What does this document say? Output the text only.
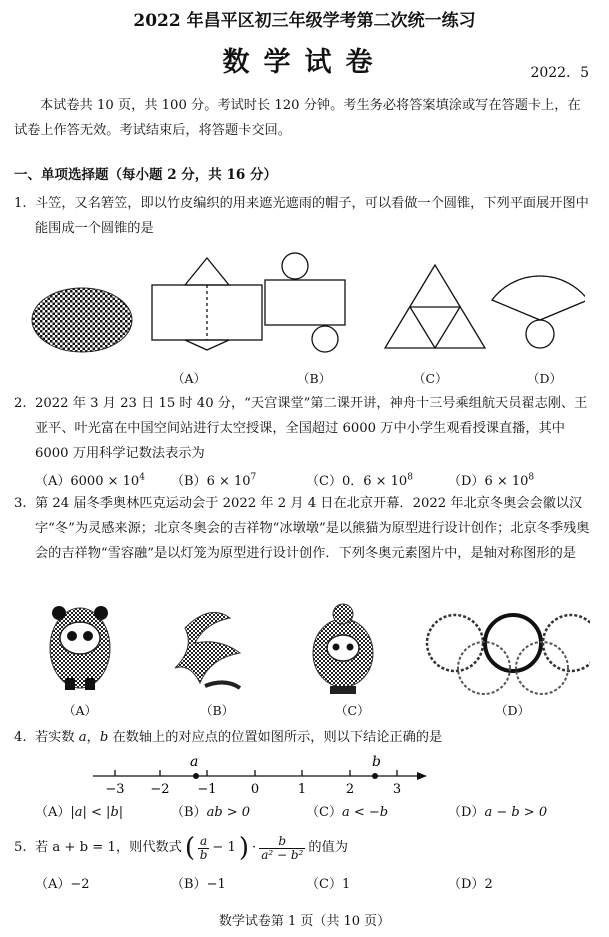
2022 年昌平区初三年级学考第二次统一练习
数学试卷	2022．5
本试卷共 10 页，共 100 分。考试时长 120 分钟。考生务必将答案填涂或写在答题卡上，在试卷上作答无效。考试结束后，将答题卡交回。
一、单项选择题（每小题 2 分，共 16 分）
1. 斗笠，又名箬笠，即以竹皮编织的用来遮光遮雨的帽子，可以看做一个圆锥，下列平面展开图中能围成一个圆锥的是
（A）	（B）	（C）	（D）
2. 2022 年 3 月 23 日 15 时 40 分，“天宫课堂”第二课开讲，神舟十三号乘组航天员翟志刚、王亚平、叶光富在中国空间站进行太空授课，全国超过 6000 万中小学生观看授课直播，其中 6000 万用科学记数法表示为
$(A)6000 \times 10^4$ $(B)6 \times 10^7$	（C）0．$6 \times 10^8$	$(D)6 \times 10^8$
3. 第 24 届冬季奥林匹克运动会于 2022 年 2 月 4 日在北京开幕．2022 年北京冬奥会会徽以汉字“冬”为灵感来源；北京冬奥会的吉祥物“冰墩墩”是以熊猫为原型进行设计创作；北京冬季残奥会的吉祥物“雪容融”是以灯笼为原型进行设计创作．下列冬奥元素图片中，是轴对称图形的是
（A）	（B）	（C）	（D）
4. 若实数 a，b 在数轴上的对应点的位置如图所示，则以下结论正确的是
a	b
−3 −2 −1	0	1	2	3
（A）|a| < |b|	（B）ab > 0	（C）a < −b	（D）a − b > 0
5. 若 a + b = 1，则代数式 ( a
b − 1 ) · b
a² − b² 的值为
（A）−2	（B）−1	（C）1	（D）2
数学试卷第 1 页（共 10 页）
